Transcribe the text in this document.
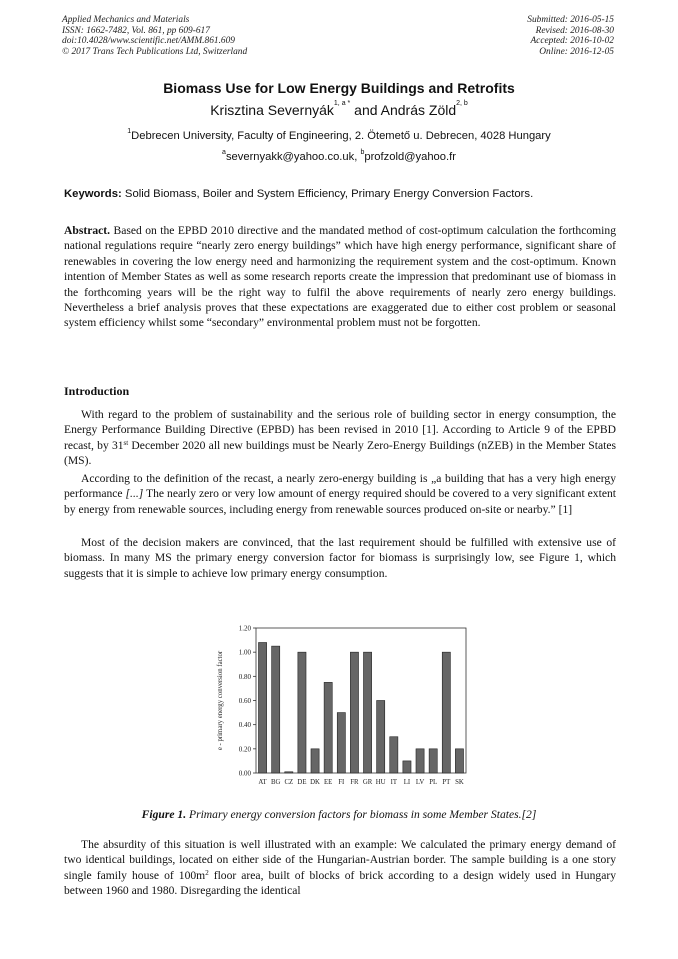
Applied Mechanics and Materials
ISSN: 1662-7482, Vol. 861, pp 609-617
doi:10.4028/www.scientific.net/AMM.861.609
© 2017 Trans Tech Publications Ltd, Switzerland
Submitted: 2016-05-15
Revised: 2016-08-30
Accepted: 2016-10-02
Online: 2016-12-05
Biomass Use for Low Energy Buildings and Retrofits
Krisztina Severnyák$^{1, a *}$ and András Zöld$^{2, b}$
$^1$Debrecen University, Faculty of Engineering, 2. Ötemető u. Debrecen, 4028 Hungary
$^a$severnyakk@yahoo.co.uk, $^b$profzold@yahoo.fr
Keywords: Solid Biomass, Boiler and System Efficiency, Primary Energy Conversion Factors.
Abstract. Based on the EPBD 2010 directive and the mandated method of cost-optimum calculation the forthcoming national regulations require “nearly zero energy buildings” which have high energy performance, significant share of renewables in covering the low energy need and harmonizing the requirement system and the cost-optimum. Known intention of Member States as well as some research reports create the impression that predominant use of biomass in the forthcoming years will be the right way to fulfil the above requirements of nearly zero energy buildings. Nevertheless a brief analysis proves that these expectations are exaggerated due to either cost problem or seasonal system efficiency whilst some “secondary” environmental problem must not be forgotten.
Introduction
With regard to the problem of sustainability and the serious role of building sector in energy consumption, the Energy Performance Building Directive (EPBD) has been revised in 2010 [1]. According to Article 9 of the EPBD recast, by 31st December 2020 all new buildings must be Nearly Zero-Energy Buildings (nZEB) in the Member States (MS).
According to the definition of the recast, a nearly zero-energy building is „a building that has a very high energy performance [...] The nearly zero or very low amount of energy required should be covered to a very significant extent by energy from renewable sources, including energy from renewable sources produced on-site or nearby.” [1]
Most of the decision makers are convinced, that the last requirement should be fulfilled with extensive use of biomass. In many MS the primary energy conversion factor for biomass is surprisingly low, see Figure 1, which suggests that it is simple to achieve low primary energy consumption.
0.00
0.20
0.40
0.60
0.80
1.00
1.20
e - primary energy conversion factor
AT BG CZ DE DK EE FI FR GR HU IT LI LV PL PT SK
Figure 1. Primary energy conversion factors for biomass in some Member States.[2]
The absurdity of this situation is well illustrated with an example: We calculated the primary energy demand of two identical buildings, located on either side of the Hungarian-Austrian border. The sample building is a one story single family house of $100m^2$ floor area, built of blocks of brick according to a design widely used in Hungary between 1960 and 1980. Disregarding the identical
